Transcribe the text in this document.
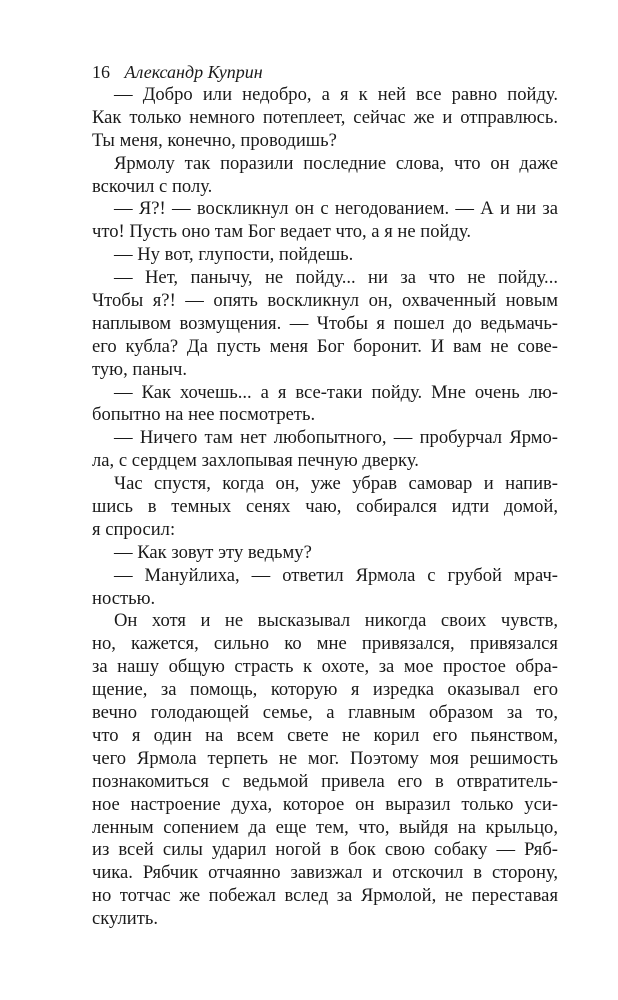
16 Александр Куприн
— Добро или недобро, а я к ней все равно пойду.
Как только немного потеплеет, сейчас же и отправлюсь.
Ты меня, конечно, проводишь?
Ярмолу так поразили последние слова, что он даже
вскочил с полу.
— Я?! — воскликнул он с негодованием. — А и ни за
что! Пусть оно там Бог ведает что, а я не пойду.
— Ну вот, глупости, пойдешь.
— Нет, панычу, не пойду... ни за что не пойду...
Чтобы я?! — опять воскликнул он, охваченный новым
наплывом возмущения. — Чтобы я пошел до ведьмачь-
его кубла? Да пусть меня Бог боронит. И вам не сове-
тую, паныч.
— Как хочешь... а я все-таки пойду. Мне очень лю-
бопытно на нее посмотреть.
— Ничего там нет любопытного, — пробурчал Ярмо-
ла, с сердцем захлопывая печную дверку.
Час спустя, когда он, уже убрав самовар и напив-
шись в темных сенях чаю, собирался идти домой,
я спросил:
— Как зовут эту ведьму?
— Мануйлиха, — ответил Ярмола с грубой мрач-
ностью.
Он хотя и не высказывал никогда своих чувств,
но, кажется, сильно ко мне привязался, привязался
за нашу общую страсть к охоте, за мое простое обра-
щение, за помощь, которую я изредка оказывал его
вечно голодающей семье, а главным образом за то,
что я один на всем свете не корил его пьянством,
чего Ярмола терпеть не мог. Поэтому моя решимость
познакомиться с ведьмой привела его в отвратитель-
ное настроение духа, которое он выразил только уси-
ленным сопением да еще тем, что, выйдя на крыльцо,
из всей силы ударил ногой в бок свою собаку — Ряб-
чика. Рябчик отчаянно завизжал и отскочил в сторону,
но тотчас же побежал вслед за Ярмолой, не переставая
скулить.
